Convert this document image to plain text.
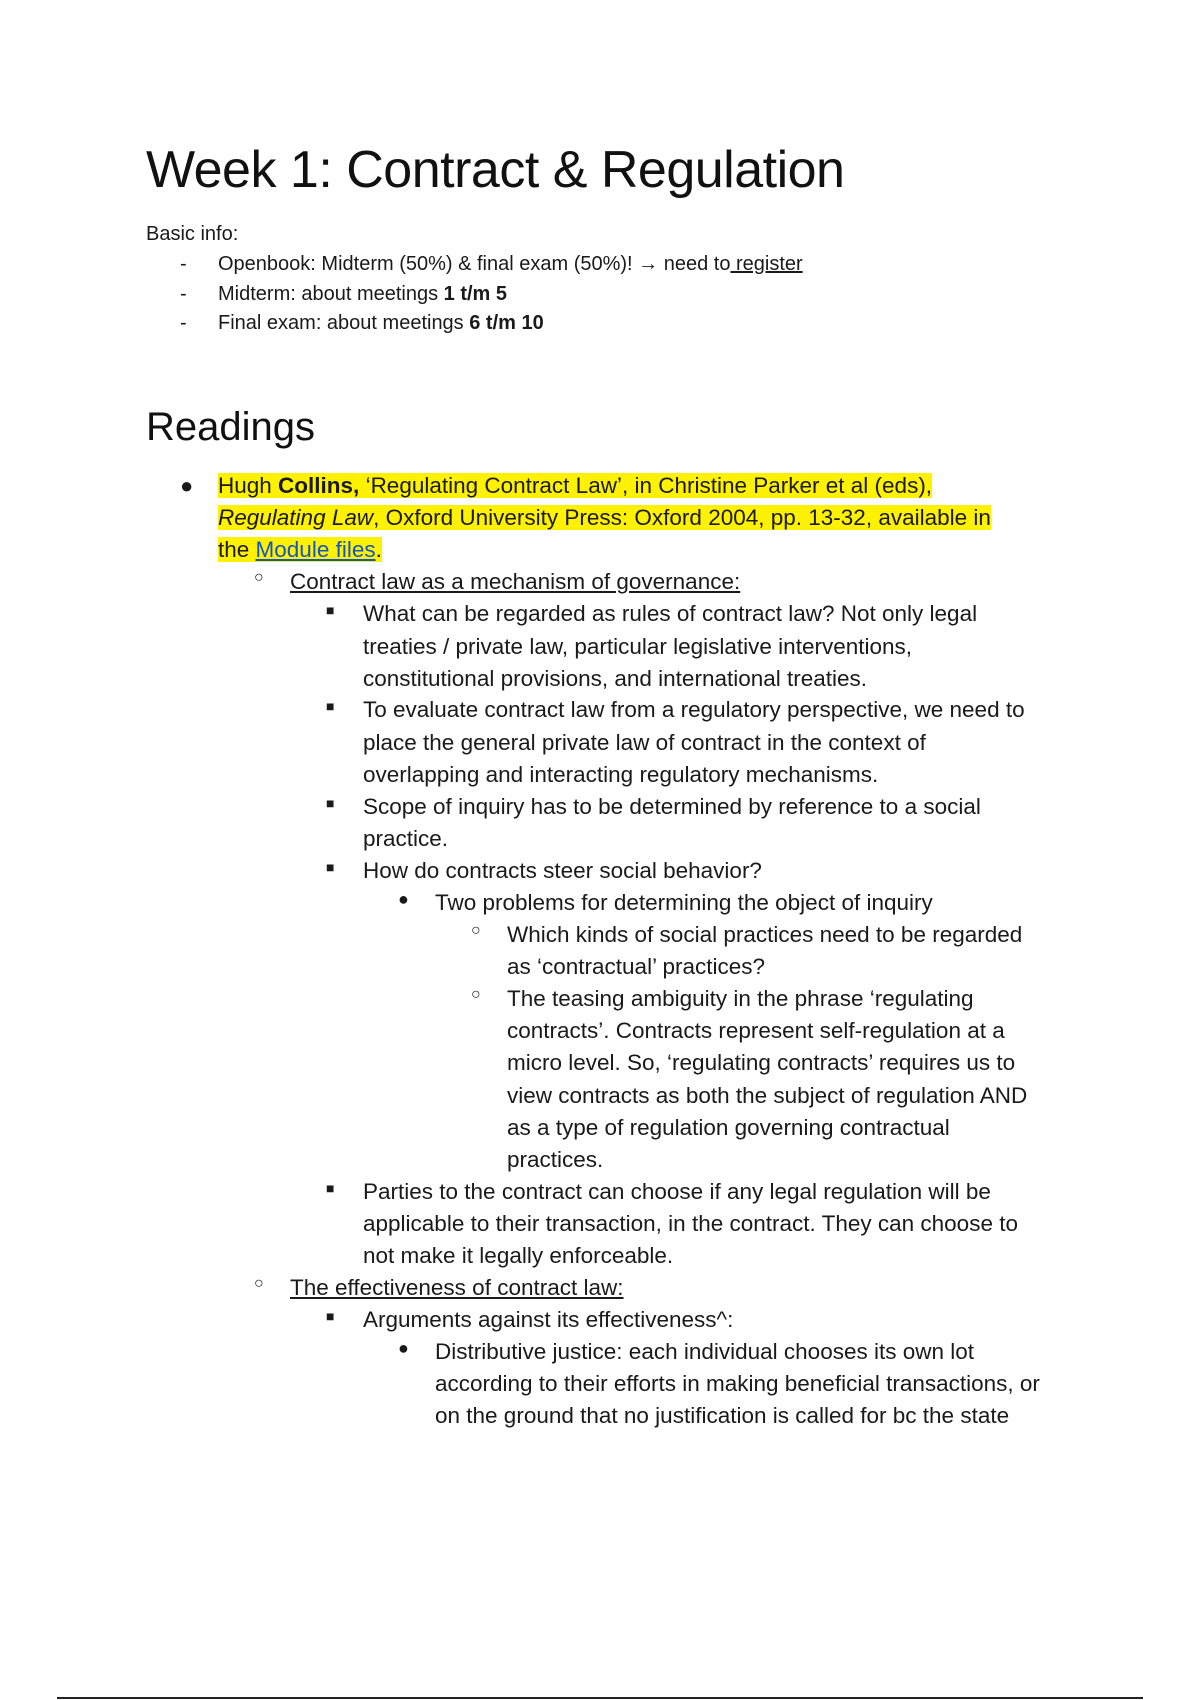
Week 1: Contract & Regulation
Basic info:
- Openbook: Midterm (50%) & final exam (50%)! → need to register
- Midterm: about meetings 1 t/m 5
- Final exam: about meetings 6 t/m 10
Readings
● Hugh Collins, ‘Regulating Contract Law’, in Christine Parker et al (eds),
Regulating Law, Oxford University Press: Oxford 2004, pp. 13-32, available in
the Module files.
○ Contract law as a mechanism of governance:
■ What can be regarded as rules of contract law? Not only legal
treaties / private law, particular legislative interventions,
constitutional provisions, and international treaties.
■ To evaluate contract law from a regulatory perspective, we need to
place the general private law of contract in the context of
overlapping and interacting regulatory mechanisms.
■ Scope of inquiry has to be determined by reference to a social
practice.
■ How do contracts steer social behavior?
● Two problems for determining the object of inquiry
○ Which kinds of social practices need to be regarded
as ‘contractual’ practices?
○ The teasing ambiguity in the phrase ‘regulating
contracts’. Contracts represent self-regulation at a
micro level. So, ‘regulating contracts’ requires us to
view contracts as both the subject of regulation AND
as a type of regulation governing contractual
practices.
■ Parties to the contract can choose if any legal regulation will be
applicable to their transaction, in the contract. They can choose to
not make it legally enforceable.
○ The effectiveness of contract law:
■ Arguments against its effectiveness^:
● Distributive justice: each individual chooses its own lot
according to their efforts in making beneficial transactions, or
on the ground that no justification is called for bc the state
